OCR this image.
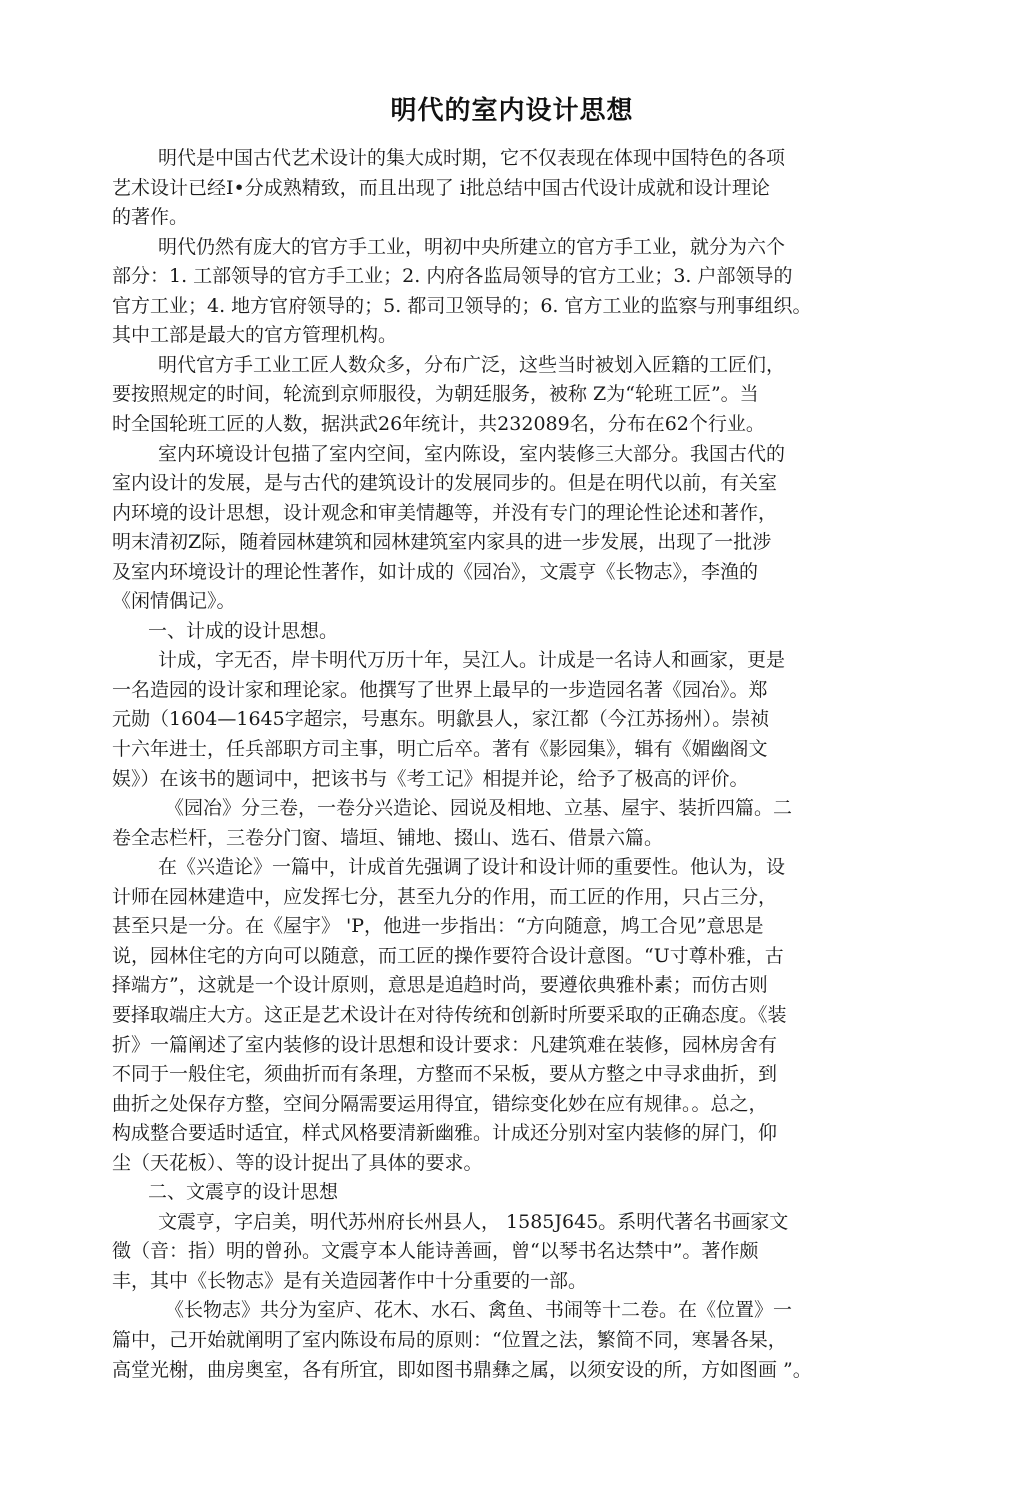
明代的室内设计思想
明代是中国古代艺术设计的集大成时期，它不仅表现在体现中国特色的各项
艺术设计已经I•分成熟精致，而且出现了 i批总结中国古代设计成就和设计理论
的著作。
明代仍然有庞大的官方手工业，明初中央所建立的官方手工业，就分为六个
部分：1. 工部领导的官方手工业；2. 内府各监局领导的官方工业；3. 户部领导的
官方工业；4. 地方官府领导的；5. 都司卫领导的；6. 官方工业的监察与刑事组织。
其中工部是最大的官方管理机构。
明代官方手工业工匠人数众多，分布广泛，这些当时被划入匠籍的工匠们，
要按照规定的时间，轮流到京师服役，为朝廷服务，被称 Z为“轮班工匠”。当
时全国轮班工匠的人数，据洪武26年统计，共232089名，分布在62个行业。
室内环境设计包描了室内空间，室内陈设，室内装修三大部分。我国古代的
室内设计的发展，是与古代的建筑设计的发展同步的。但是在明代以前，有关室
内环境的设计思想，设计观念和审美情趣等，并没有专门的理论性论述和著作，
明末清初Z际，随着园林建筑和园林建筑室内家具的进一步发展，出现了一批涉
及室内环境设计的理论性著作，如计成的《园冶》，文震亨《长物志》，李渔的
《闲情偶记》。
一、计成的设计思想。
计成，字无否，岸卡明代万历十年，吴江人。计成是一名诗人和画家，更是
一名造园的设计家和理论家。他撰写了世界上最早的一步造园名著《园冶》。郑
元勋（1604—1645字超宗，号惠东。明歙县人，家江都（今江苏扬州）。崇祯
十六年进士，任兵部职方司主事，明亡后卒。著有《影园集》，辑有《媚幽阁文
娱》）在该书的题词中，把该书与《考工记》相提并论，给予了极高的评价。
《园冶》分三卷，一卷分兴造论、园说及相地、立基、屋宇、装折四篇。二
卷全志栏杆，三卷分门窗、墙垣、铺地、掇山、选石、借景六篇。
在《兴造论》一篇中，计成首先强调了设计和设计师的重要性。他认为，设
计师在园林建造中，应发挥七分，甚至九分的作用，而工匠的作用，只占三分，
甚至只是一分。在《屋宇》 'P，他进一步指出：“方向随意，鸠工合见”意思是
说，园林住宅的方向可以随意，而工匠的操作要符合设计意图。“U寸尊朴雅，古
择端方”，这就是一个设计原则，意思是追趋时尚，要遵依典雅朴素；而仿古则
要择取端庄大方。这正是艺术设计在对待传统和创新时所要采取的正确态度。《装
折》一篇阐述了室内装修的设计思想和设计要求：凡建筑难在装修，园林房舍有
不同于一般住宅，须曲折而有条理，方整而不呆板，要从方整之中寻求曲折，到
曲折之处保存方整，空间分隔需要运用得宜，错综变化妙在应有规律。。总之，
构成整合要适时适宜，样式风格要清新幽雅。计成还分别对室内装修的屏门，仰
尘（天花板）、等的设计捉出了具体的要求。
二、文震亨的设计思想
文震亨，字启美，明代苏州府长州县人， 1585J645。系明代著名书画家文
徵（音：指）明的曾孙。文震亨本人能诗善画，曾“以琴书名达禁中”。著作颇
丰，其中《长物志》是有关造园著作中十分重要的一部。
《长物志》共分为室庐、花木、水石、禽鱼、书闹等十二卷。在《位置》一
篇中，己开始就阐明了室内陈设布局的原则：“位置之法，繁简不同，寒暑各杲，
高堂光榭，曲房奥室，各有所宜，即如图书鼎彝之属，以须安设的所，方如图画 ”。
